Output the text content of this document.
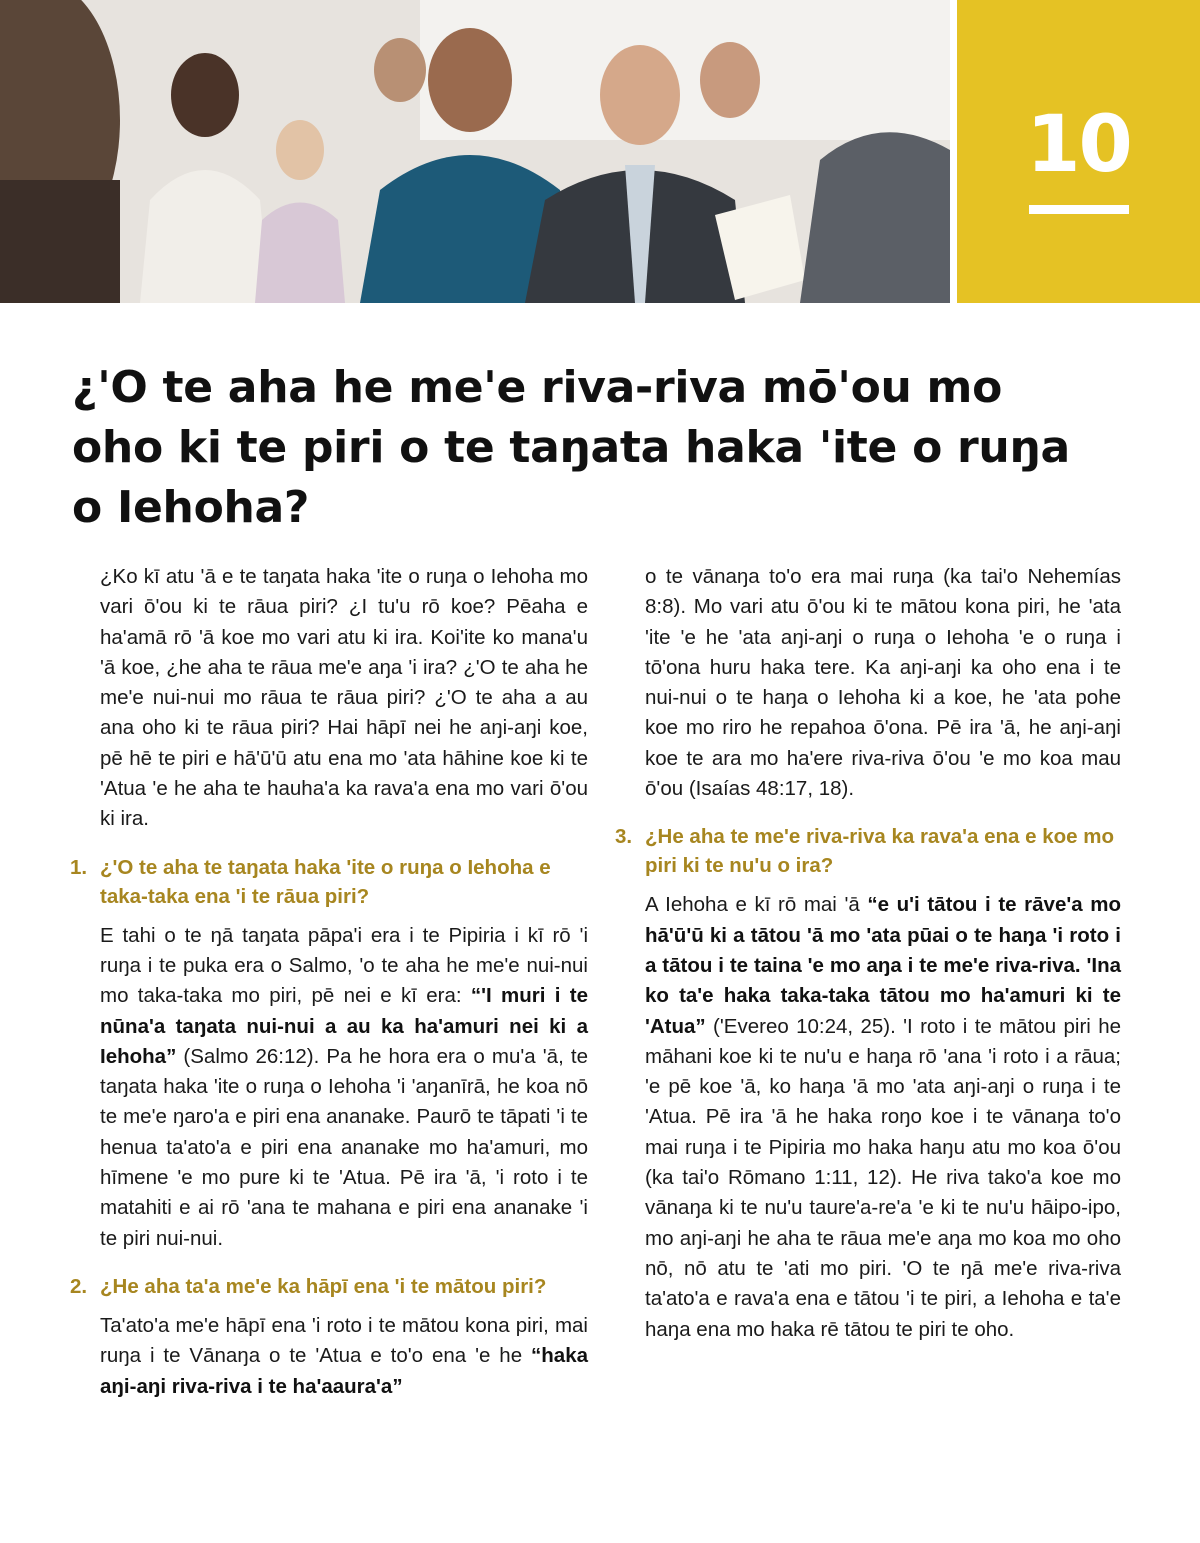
10
¿'O te aha he me'e riva-riva mō'ou mo oho ki te piri o te taŋata haka 'ite o ruŋa o Iehoha?

¿Ko kī atu 'ā e te taŋata haka 'ite o ruŋa o Iehoha mo vari ō'ou ki te rāua piri? ¿I tu'u rō koe? Pēaha e ha'amā rō 'ā koe mo vari atu ki ira. Koi'ite ko mana'u 'ā koe, ¿he aha te rāua me'e aŋa 'i ira? ¿'O te aha he me'e nui-nui mo rāua te rāua piri? ¿'O te aha a au ana oho ki te rāua piri? Hai hāpī nei he aŋi-aŋi koe, pē hē te piri e hā'ū'ū atu ena mo 'ata hāhine koe ki te 'Atua 'e he aha te hauha'a ka rava'a ena mo vari ō'ou ki ira.

1. ¿'O te aha te taŋata haka 'ite o ruŋa o Iehoha e taka-taka ena 'i te rāua piri?

E tahi o te ŋā taŋata pāpa'i era i te Pipiria i kī rō 'i ruŋa i te puka era o Salmo, 'o te aha he me'e nui-nui mo taka-taka mo piri, pē nei e kī era: “'I muri i te nūna'a taŋata nui-nui a au ka ha'amuri nei ki a Iehoha” (Salmo 26:12). Pa he hora era o mu'a 'ā, te taŋata haka 'ite o ruŋa o Iehoha 'i 'aŋanīrā, he koa nō te me'e ŋaro'a e piri ena ananake. Paurō te tāpati 'i te henua ta'ato'a e piri ena ananake mo ha'amuri, mo hīmene 'e mo pure ki te 'Atua. Pē ira 'ā, 'i roto i te matahiti e ai rō 'ana te mahana e piri ena ananake 'i te piri nui-nui.

2. ¿He aha ta'a me'e ka hāpī ena 'i te mātou piri?

Ta'ato'a me'e hāpī ena 'i roto i te mātou kona piri, mai ruŋa i te Vānaŋa o te 'Atua e to'o ena 'e he “haka aŋi-aŋi riva-riva i te ha'aaura'a”

o te vānaŋa to'o era mai ruŋa (ka tai'o Nehemías 8:8). Mo vari atu ō'ou ki te mātou kona piri, he 'ata 'ite 'e he 'ata aŋi-aŋi o ruŋa o Iehoha 'e o ruŋa i tō'ona huru haka tere. Ka aŋi-aŋi ka oho ena i te nui-nui o te haŋa o Iehoha ki a koe, he 'ata pohe koe mo riro he repahoa ō'ona. Pē ira 'ā, he aŋi-aŋi koe te ara mo ha'ere riva-riva ō'ou 'e mo koa mau ō'ou (Isaías 48:17, 18).

3. ¿He aha te me'e riva-riva ka rava'a ena e koe mo piri ki te nu'u o ira?

A Iehoha e kī rō mai 'ā “e u'i tātou i te rāve'a mo hā'ū'ū ki a tātou 'ā mo 'ata pūai o te haŋa 'i roto i a tātou i te taina 'e mo aŋa i te me'e riva-riva. 'Ina ko ta'e haka taka-taka tātou mo ha'amuri ki te 'Atua” ('Evereo 10:24, 25). 'I roto i te mātou piri he māhani koe ki te nu'u e haŋa rō 'ana 'i roto i a rāua; 'e pē koe 'ā, ko haŋa 'ā mo 'ata aŋi-aŋi o ruŋa i te 'Atua. Pē ira 'ā he haka roŋo koe i te vānaŋa to'o mai ruŋa i te Pipiria mo haka haŋu atu mo koa ō'ou (ka tai'o Rōmano 1:11, 12). He riva tako'a koe mo vānaŋa ki te nu'u taure'a-re'a 'e ki te nu'u hāipo-ipo, mo aŋi-aŋi he aha te rāua me'e aŋa mo koa mo oho nō, nō atu te 'ati mo piri. 'O te ŋā me'e riva-riva ta'ato'a e rava'a ena e tātou 'i te piri, a Iehoha e ta'e haŋa ena mo haka rē tātou te piri te oho.
